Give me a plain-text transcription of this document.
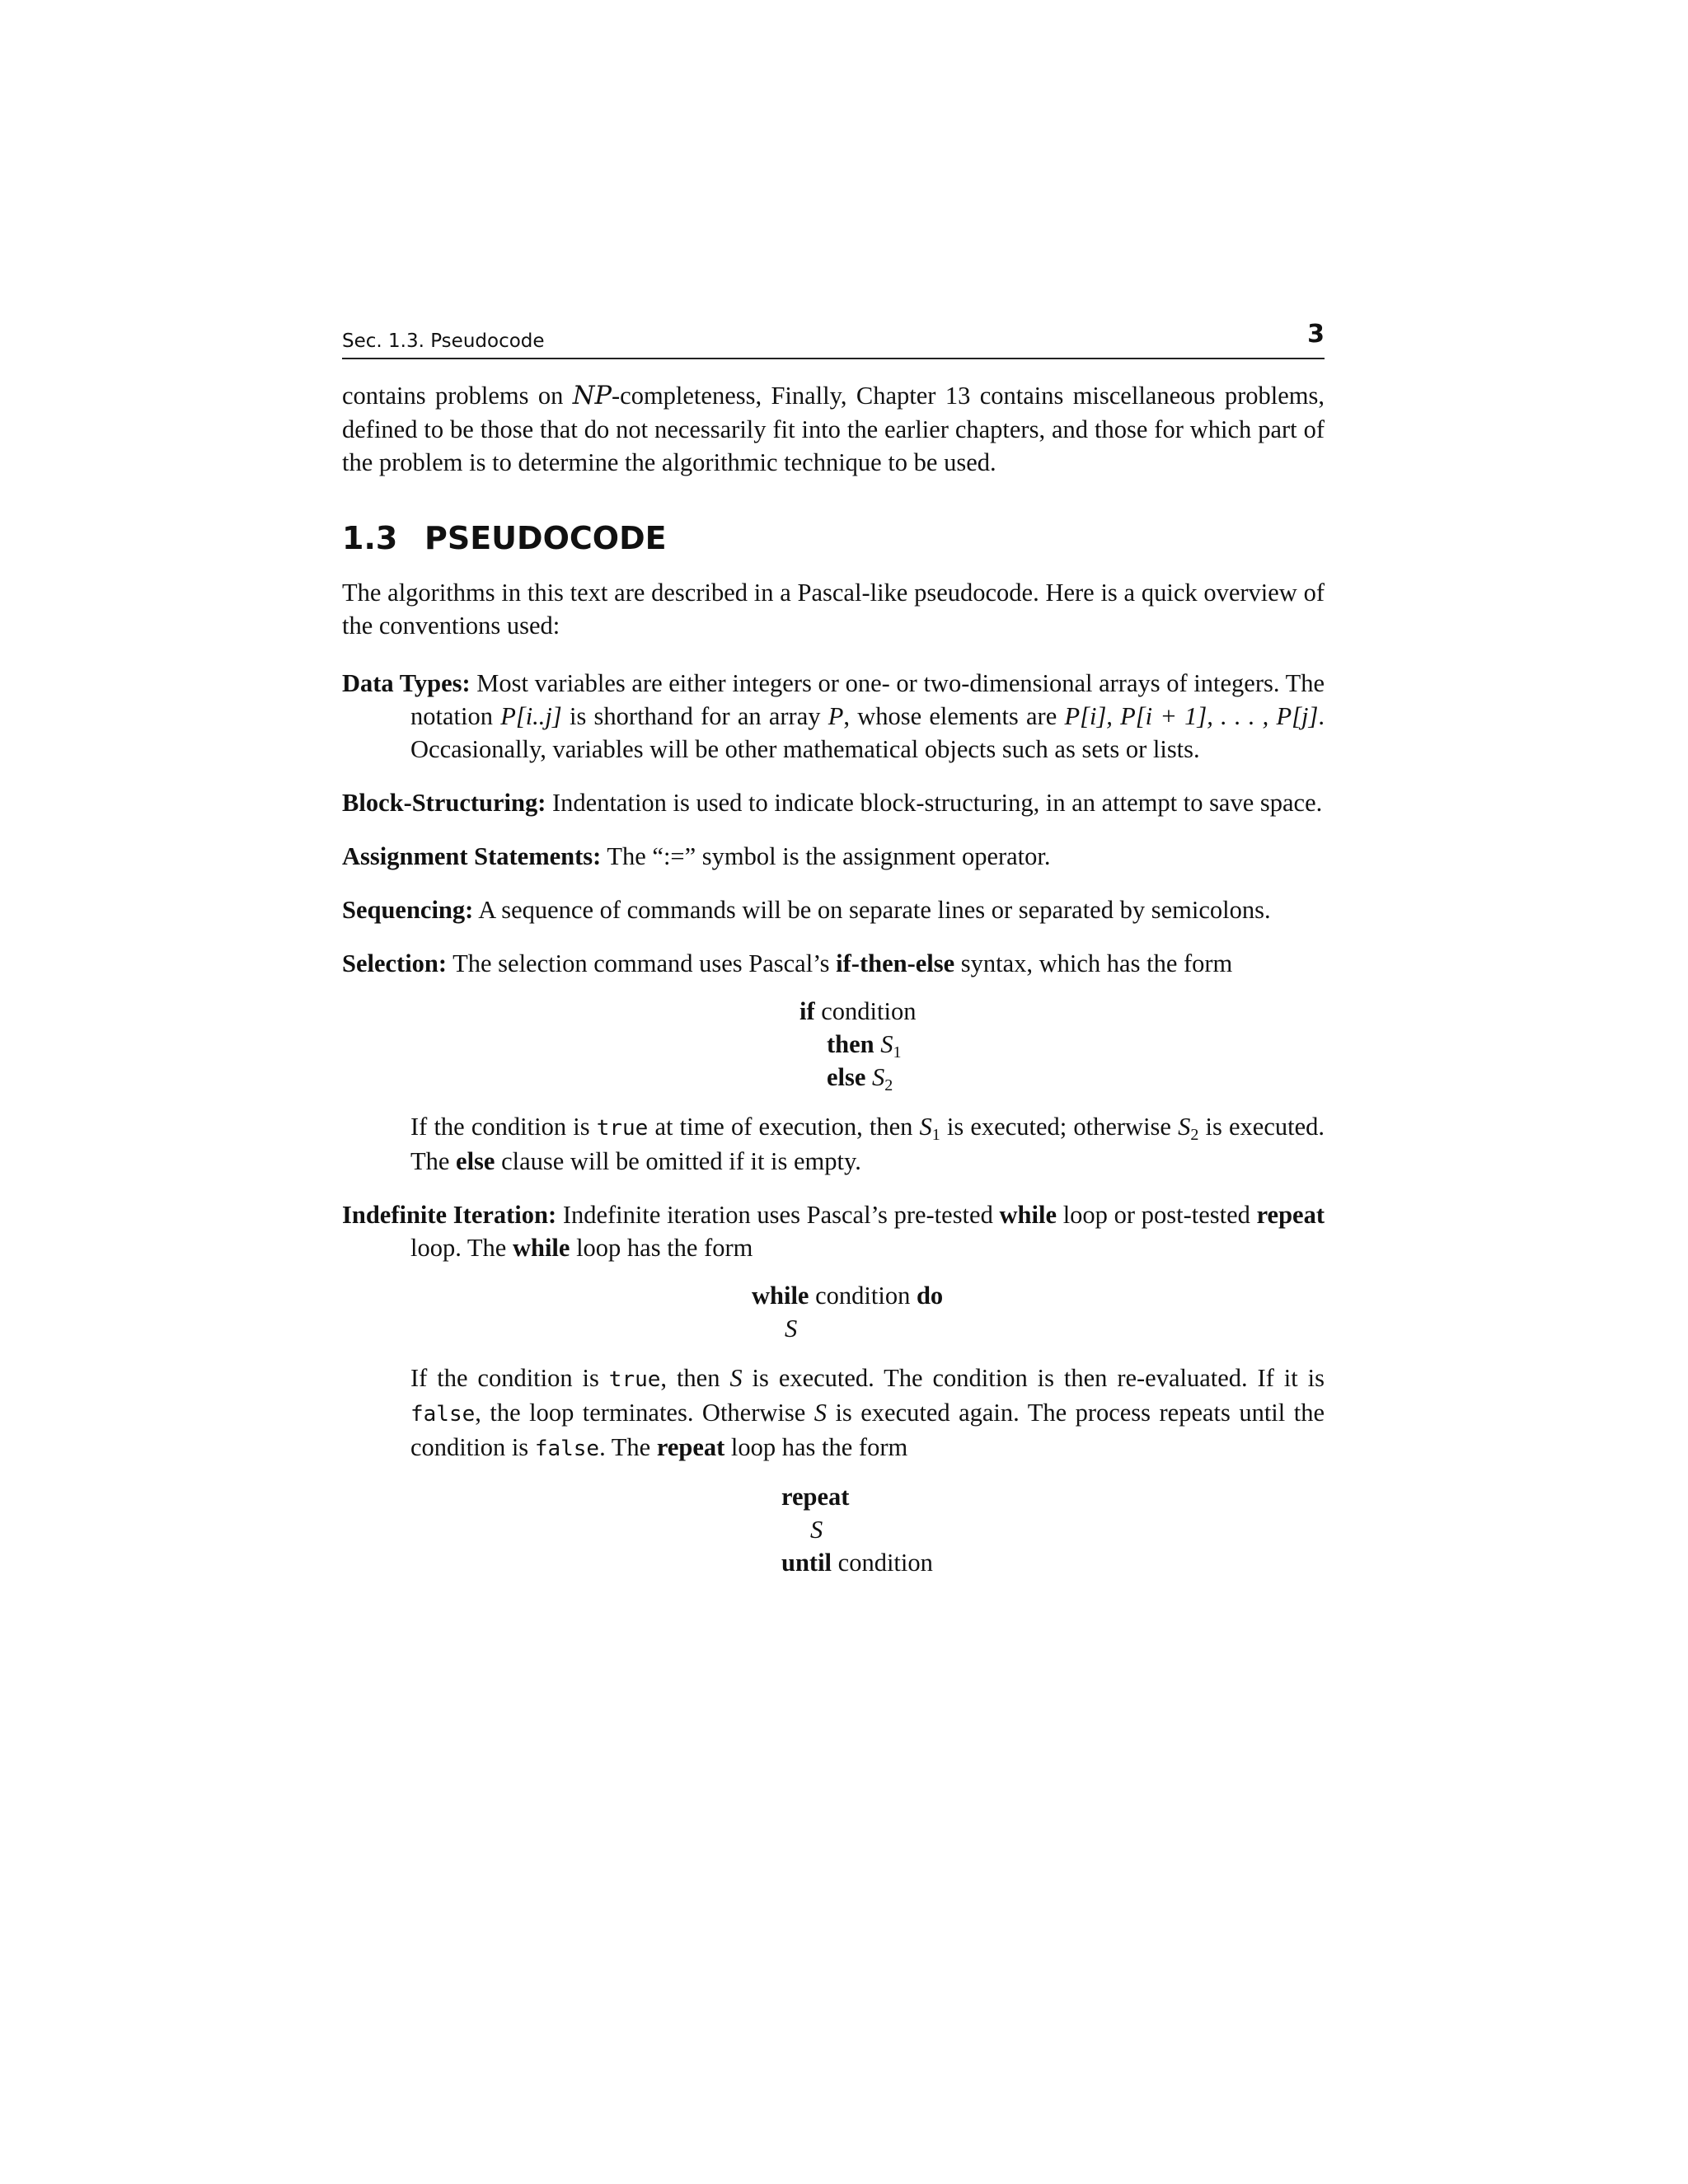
Sec. 1.3. Pseudocode	3

contains problems on NP-completeness, Finally, Chapter 13 contains miscellaneous problems, defined to be those that do not necessarily fit into the earlier chapters, and those for which part of the problem is to determine the algorithmic technique to be used.

1.3 PSEUDOCODE

The algorithms in this text are described in a Pascal-like pseudocode. Here is a quick overview of the conventions used:

Data Types: Most variables are either integers or one- or two-dimensional arrays of integers. The notation P[i..j] is shorthand for an array P, whose elements are P[i], P[i + 1], . . . , P[j]. Occasionally, variables will be other mathematical objects such as sets or lists.

Block-Structuring: Indentation is used to indicate block-structuring, in an attempt to save space.

Assignment Statements: The “:=” symbol is the assignment operator.

Sequencing: A sequence of commands will be on separate lines or separated by semicolons.

Selection: The selection command uses Pascal’s if-then-else syntax, which has the form

if condition
then $S_1$
else $S_2$

If the condition is true at time of execution, then $S_1$ is executed; otherwise $S_2$ is executed. The else clause will be omitted if it is empty.

Indefinite Iteration: Indefinite iteration uses Pascal’s pre-tested while loop or post-tested repeat loop. The while loop has the form

while condition do
S

If the condition is true, then S is executed. The condition is then re-evaluated. If it is false, the loop terminates. Otherwise S is executed again. The process repeats until the condition is false. The repeat loop has the form

repeat
S
until condition
